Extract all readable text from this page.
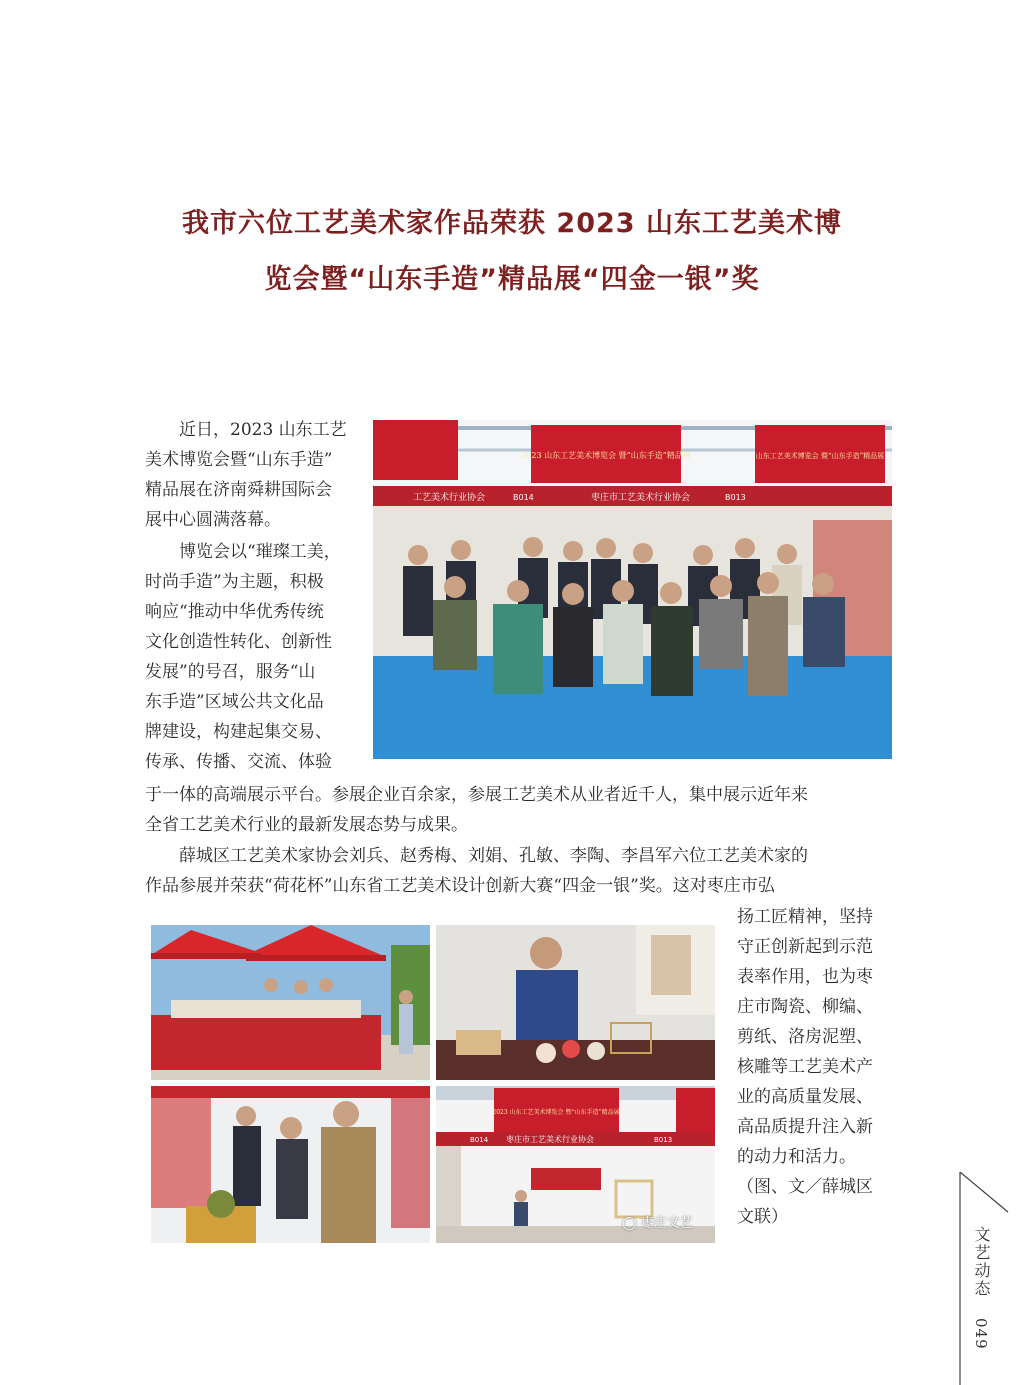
我市六位工艺美术家作品荣获 2023 山东工艺美术博
览会暨“山东手造”精品展“四金一银”奖

近日，2023 山东工艺

美术博览会暨“山东手造”

精品展在济南舜耕国际会

展中心圆满落幕。

博览会以“璀璨工美，

时尚手造”为主题，积极

响应“推动中华优秀传统

文化创造性转化、创新性

发展”的号召，服务“山

东手造”区域公共文化品

牌建设，构建起集交易、

传承、传播、交流、体验

于一体的高端展示平台。参展企业百余家，参展工艺美术从业者近千人，集中展示近年来

全省工艺美术行业的最新发展态势与成果。

薛城区工艺美术家协会刘兵、赵秀梅、刘娟、孔敏、李陶、李昌军六位工艺美术家的

作品参展并荣获“荷花杯”山东省工艺美术设计创新大赛“四金一银”奖。这对枣庄市弘

扬工匠精神，坚持

守正创新起到示范

表率作用，也为枣

庄市陶瓷、柳编、

剪纸、洛房泥塑、

核雕等工艺美术产

业的高质量发展、

高品质提升注入新

的动力和活力。

（图、文／薛城区

文联）

2023 山东工艺美术博览会 暨“山东手造”精品展	山东工艺美术博览会 暨“山东手造”精品展
工艺美术行业协会	B014	枣庄市工艺美术行业协会	B013
2023 山东工艺美术博览会 暨“山东手造”精品展
B014 枣庄市工艺美术行业协会	B013
◯ 枣庄文艺
文艺动态
049
